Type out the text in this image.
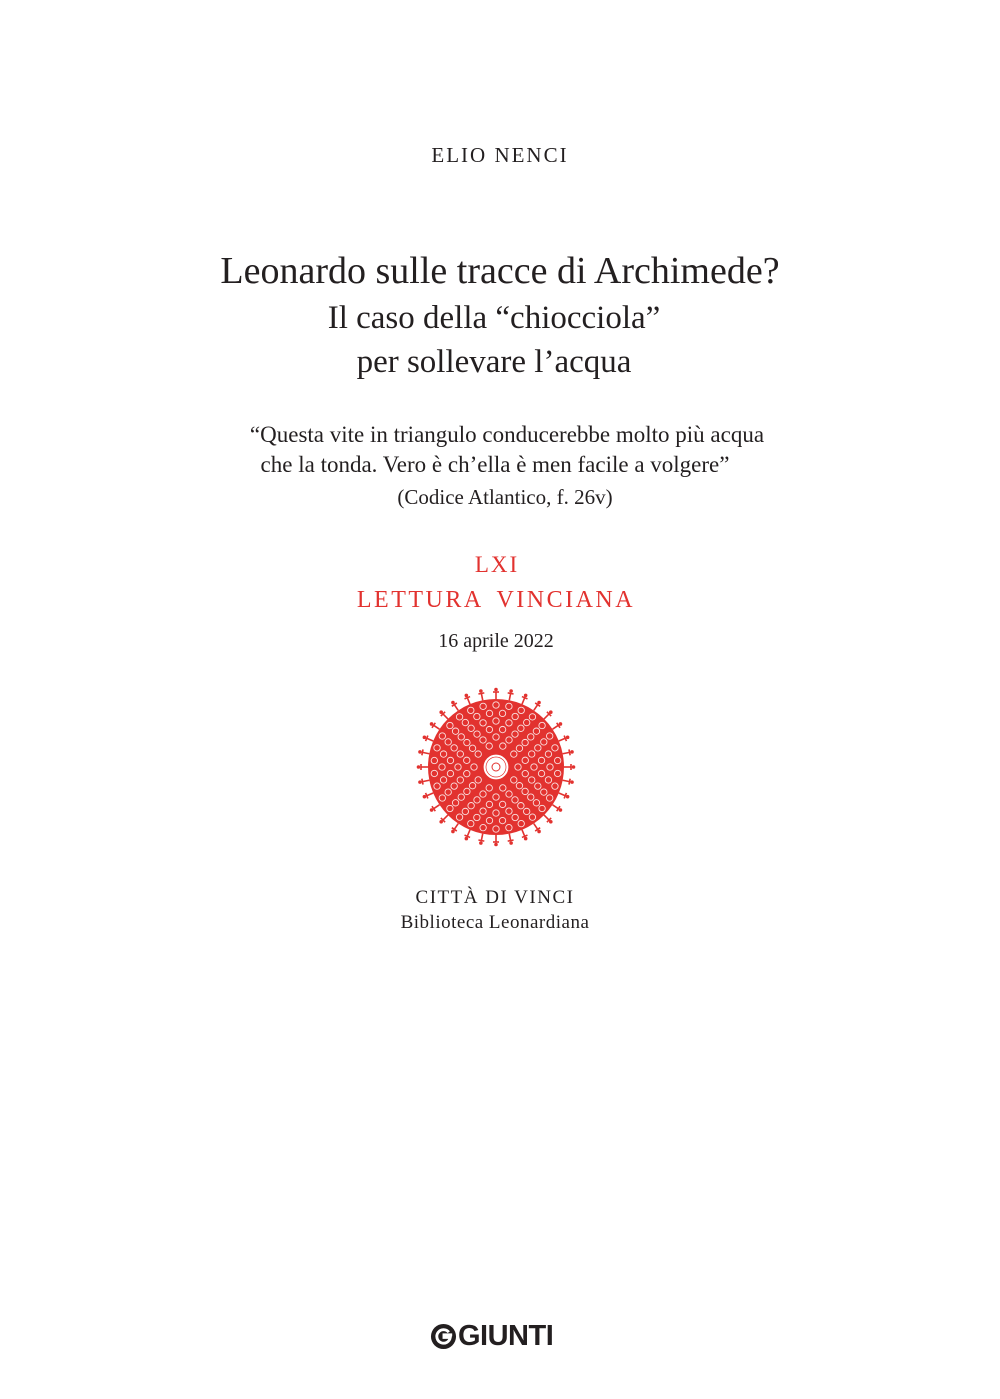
ELIO NENCI

Leonardo sulle tracce di Archimede?

Il caso della “chiocciola”

per sollevare l’acqua

“Questa vite in triangulo conducerebbe molto più acqua

che la tonda. Vero è ch’ella è men facile a volgere”

(Codice Atlantico, f. 26v)

LXI

LETTURA VINCIANA

16 aprile 2022

CITTÀ DI VINCI

Biblioteca Leonardiana

GIUNTI
